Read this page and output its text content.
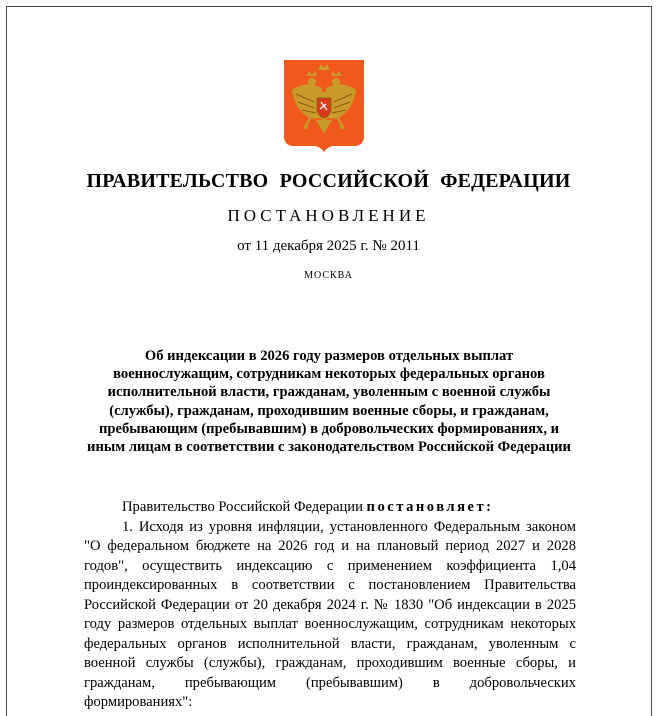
ПРАВИТЕЛЬСТВО РОССИЙСКОЙ ФЕДЕРАЦИИ
ПОСТАНОВЛЕНИЕ
от 11 декабря 2025 г. № 2011
МОСКВА
Об индексации в 2026 году размеров отдельных выплат военнослужащим, сотрудникам некоторых федеральных органов исполнительной власти, гражданам, уволенным с военной службы (службы), гражданам, проходившим военные сборы, и гражданам, пребывающим (пребывавшим) в добровольческих формированиях, и иным лицам в соответствии с законодательством Российской Федерации

Правительство Российской Федерации постановляет:

1. Исходя из уровня инфляции, установленного Федеральным законом "О федеральном бюджете на 2026 год и на плановый период 2027 и 2028 годов", осуществить индексацию с применением коэффициента 1,04 проиндексированных в соответствии с постановлением Правительства Российской Федерации от 20 декабря 2024 г. № 1830 "Об индексации в 2025 году размеров отдельных выплат военнослужащим, сотрудникам некоторых федеральных органов исполнительной власти, гражданам, уволенным с военной службы (службы), гражданам, проходившим военные сборы, и гражданам, пребывающим (пребывавшим) в добровольческих формированиях":
